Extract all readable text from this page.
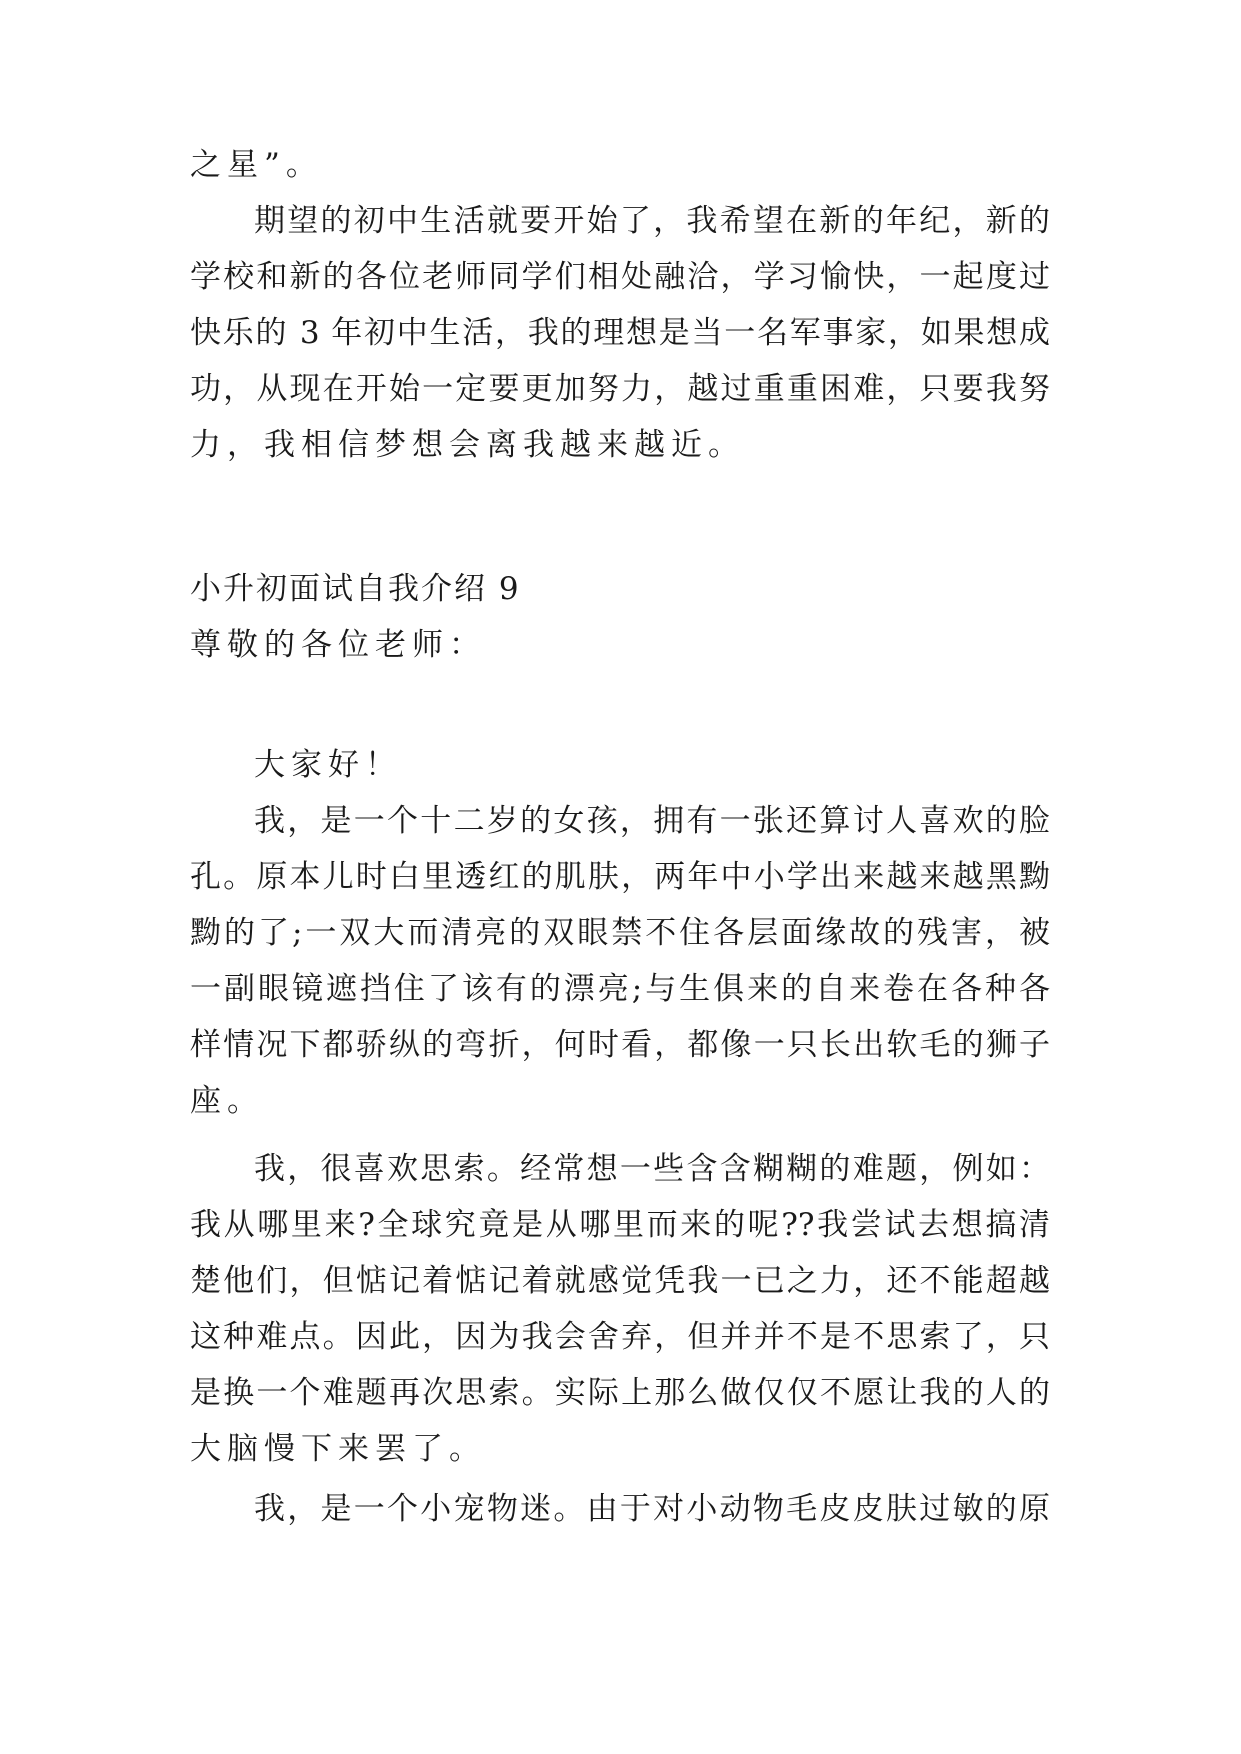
之星”。
期望的初中生活就要开始了，我希望在新的年纪，新的
学校和新的各位老师同学们相处融洽，学习愉快，一起度过
快乐的 3 年初中生活，我的理想是当一名军事家，如果想成
功，从现在开始一定要更加努力，越过重重困难，只要我努
力，我相信梦想会离我越来越近。
小升初面试自我介绍 9
尊敬的各位老师：
大家好！
我，是一个十二岁的女孩，拥有一张还算讨人喜欢的脸
孔。原本儿时白里透红的肌肤，两年中小学出来越来越黑黝
黝的了;一双大而清亮的双眼禁不住各层面缘故的残害，被
一副眼镜遮挡住了该有的漂亮;与生俱来的自来卷在各种各
样情况下都骄纵的弯折，何时看，都像一只长出软毛的狮子
座。
我，很喜欢思索。经常想一些含含糊糊的难题，例如：
我从哪里来?全球究竟是从哪里而来的呢??我尝试去想搞清
楚他们，但惦记着惦记着就感觉凭我一已之力，还不能超越
这种难点。因此，因为我会舍弃，但并并不是不思索了，只
是换一个难题再次思索。实际上那么做仅仅不愿让我的人的
大脑慢下来罢了。
我，是一个小宠物迷。由于对小动物毛皮皮肤过敏的原
